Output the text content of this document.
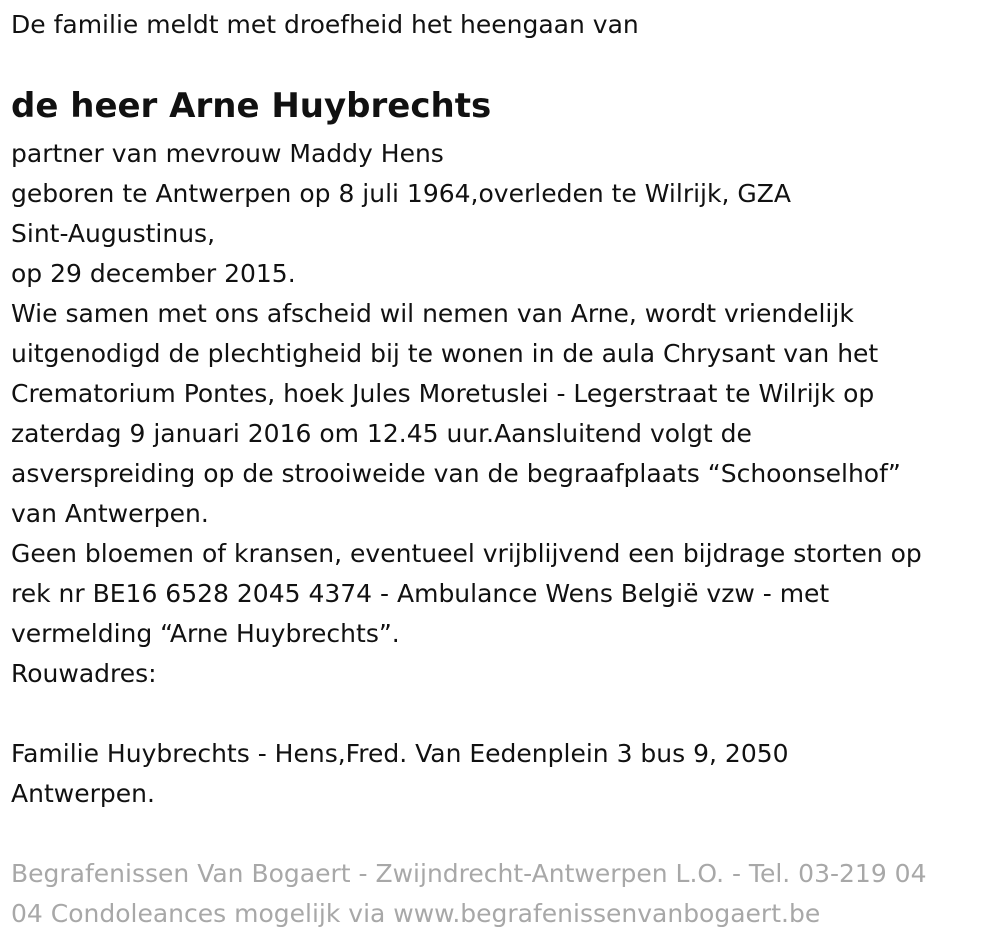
De familie meldt met droefheid het heengaan van
de heer Arne Huybrechts
partner van mevrouw Maddy Hens
geboren te Antwerpen op 8 juli 1964,overleden te Wilrijk, GZA
Sint-Augustinus,
op 29 december 2015.
Wie samen met ons afscheid wil nemen van Arne, wordt vriendelijk
uitgenodigd de plechtigheid bij te wonen in de aula Chrysant van het
Crematorium Pontes, hoek Jules Moretuslei - Legerstraat te Wilrijk op
zaterdag 9 januari 2016 om 12.45 uur.Aansluitend volgt de
asverspreiding op de strooiweide van de begraafplaats “Schoonselhof”
van Antwerpen.
Geen bloemen of kransen, eventueel vrijblijvend een bijdrage storten op
rek nr BE16 6528 2045 4374 - Ambulance Wens België vzw - met
vermelding “Arne Huybrechts”.
Rouwadres:
Familie Huybrechts - Hens,Fred. Van Eedenplein 3 bus 9, 2050
Antwerpen.
Begrafenissen Van Bogaert - Zwijndrecht-Antwerpen L.O. - Tel. 03-219 04
04 Condoleances mogelijk via www.begrafenissenvanbogaert.be
